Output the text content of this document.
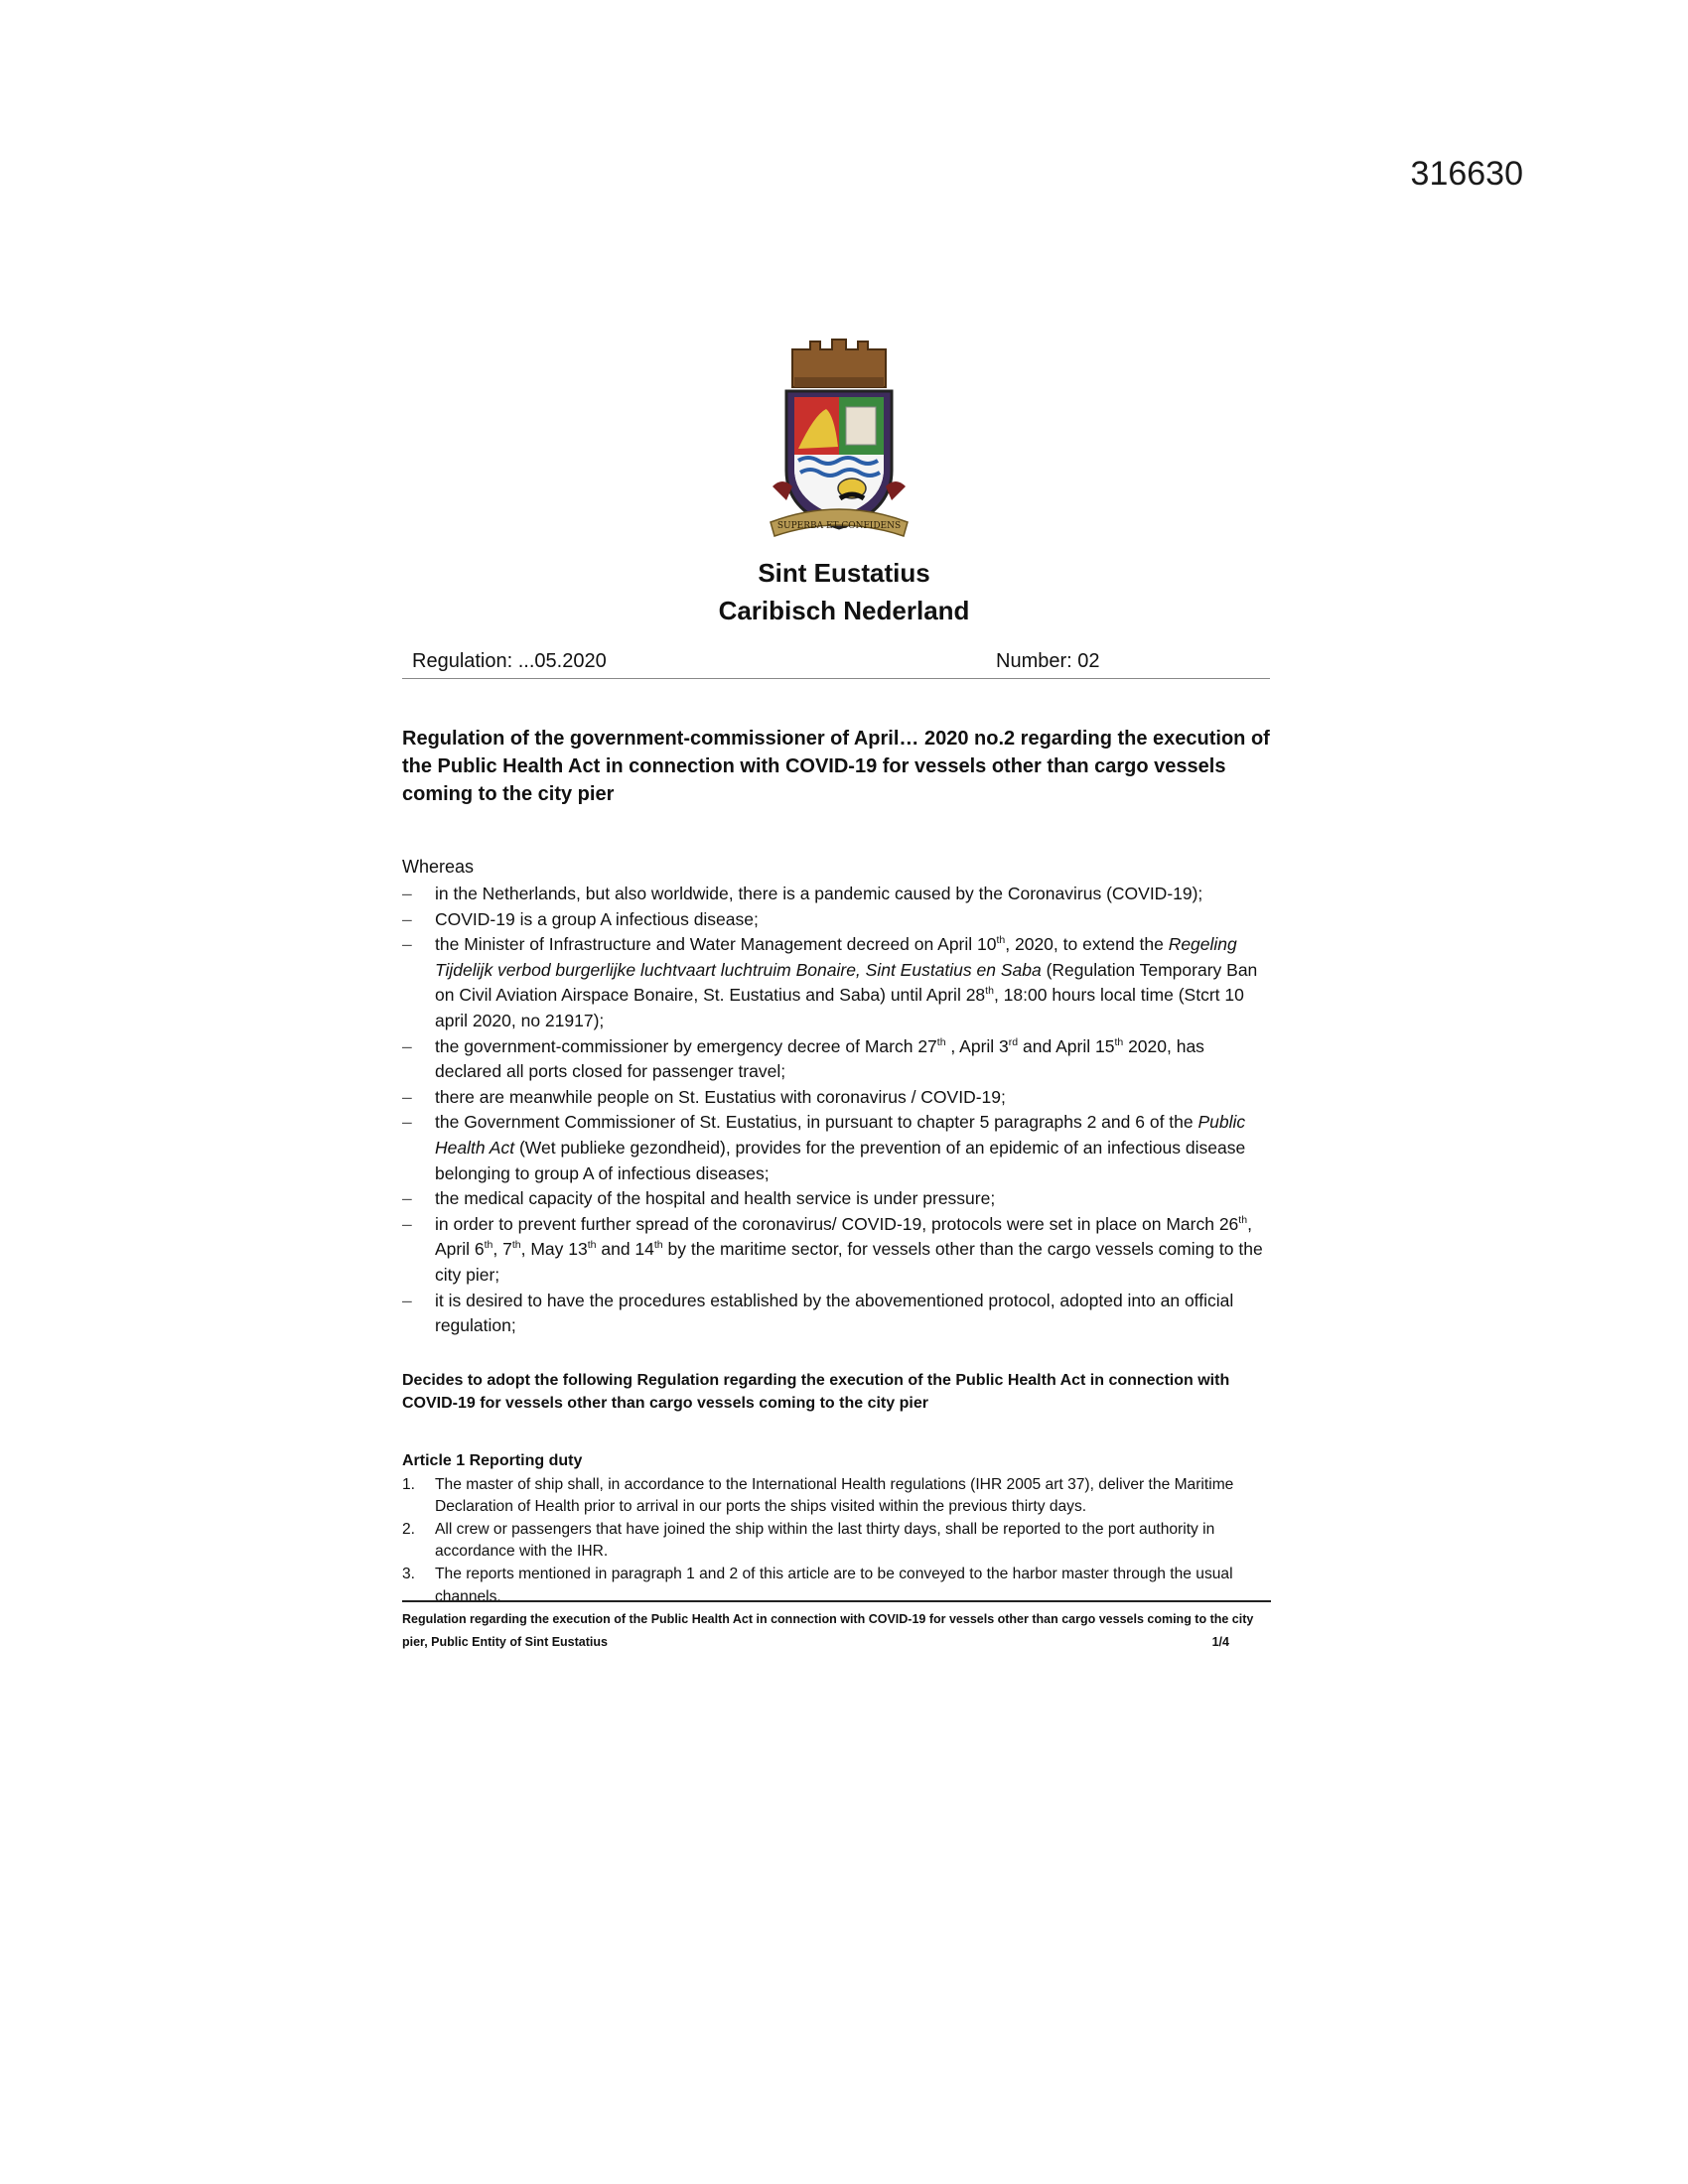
316630
SUPERBA ET CONFIDENS
Sint Eustatius
Caribisch Nederland
Regulation: ...05.2020	Number: 02

Regulation of the government-commissioner of April… 2020 no.2 regarding the execution of the Public Health Act in connection with COVID-19 for vessels other than cargo vessels coming to the city pier

Whereas
– in the Netherlands, but also worldwide, there is a pandemic caused by the Coronavirus (COVID-19);
– COVID-19 is a group A infectious disease;
– the Minister of Infrastructure and Water Management decreed on April 10th, 2020, to extend the Regeling Tijdelijk verbod burgerlijke luchtvaart luchtruim Bonaire, Sint Eustatius en Saba (Regulation Temporary Ban on Civil Aviation Airspace Bonaire, St. Eustatius and Saba) until April 28th, 18:00 hours local time (Stcrt 10 april 2020, no 21917);
– the government-commissioner by emergency decree of March 27th , April 3rd and April 15th 2020, has declared all ports closed for passenger travel;
– there are meanwhile people on St. Eustatius with coronavirus / COVID-19;
– the Government Commissioner of St. Eustatius, in pursuant to chapter 5 paragraphs 2 and 6 of the Public Health Act (Wet publieke gezondheid), provides for the prevention of an epidemic of an infectious disease belonging to group A of infectious diseases;
– the medical capacity of the hospital and health service is under pressure;
– in order to prevent further spread of the coronavirus/ COVID-19, protocols were set in place on March 26th, April 6th, 7th, May 13th and 14th by the maritime sector, for vessels other than the cargo vessels coming to the city pier;
– it is desired to have the procedures established by the abovementioned protocol, adopted into an official regulation;
Decides to adopt the following Regulation regarding the execution of the Public Health Act in connection with COVID-19 for vessels other than cargo vessels coming to the city pier
Article 1 Reporting duty
1. The master of ship shall, in accordance to the International Health regulations (IHR 2005 art 37), deliver the Maritime Declaration of Health prior to arrival in our ports the ships visited within the previous thirty days.
2. All crew or passengers that have joined the ship within the last thirty days, shall be reported to the port authority in accordance with the IHR.
3. The reports mentioned in paragraph 1 and 2 of this article are to be conveyed to the harbor master through the usual channels.
Regulation regarding the execution of the Public Health Act in connection with COVID-19 for vessels other than cargo vessels coming to the city pier, Public Entity of Sint Eustatius	1/4
